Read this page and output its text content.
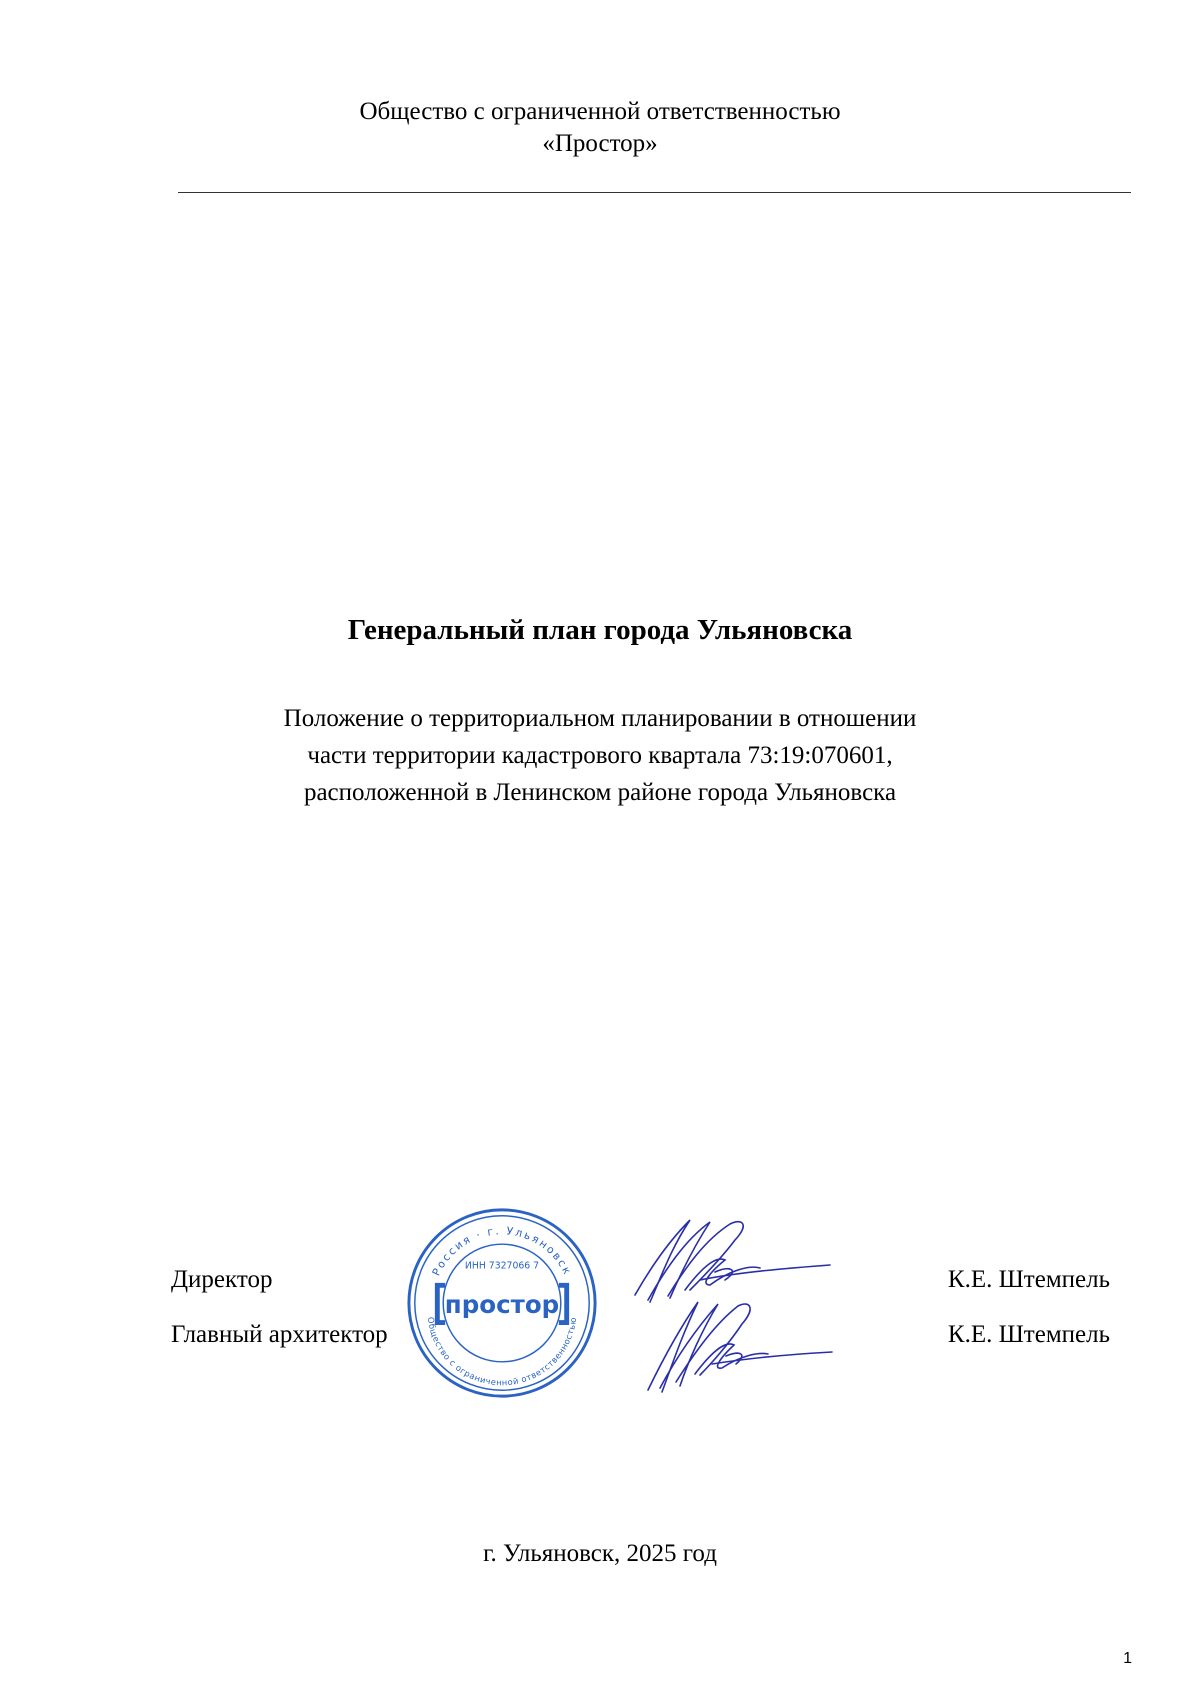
Общество с ограниченной ответственностью
«Простор»
Генеральный план города Ульяновска
Положение о территориальном планировании в отношении
части территории кадастрового квартала 73:19:070601,
расположенной в Ленинском районе города Ульяновска
Директор	К.Е. Штемпель
Главный архитектор	К.Е. Штемпель
Россия · г. Ульяновск
Общество с ограниченной ответственностью
ИНН 7327066 7
простор
г. Ульяновск, 2025 год
1
